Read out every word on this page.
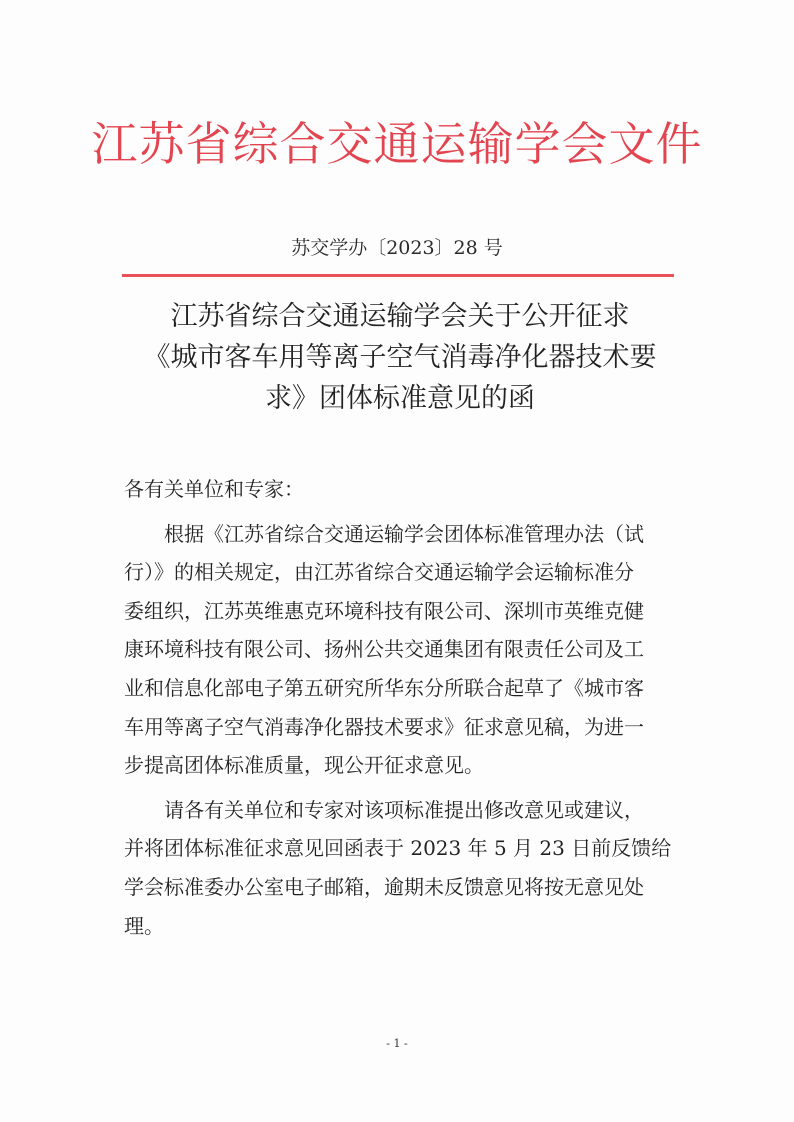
江苏省综合交通运输学会文件
苏交学办〔2023〕28 号
江苏省综合交通运输学会关于公开征求
《城市客车用等离子空气消毒净化器技术要
求》团体标准意见的函
各有关单位和专家：
根据《江苏省综合交通运输学会团体标准管理办法（试
行）》的相关规定，由江苏省综合交通运输学会运输标准分
委组织，江苏英维惠克环境科技有限公司、深圳市英维克健
康环境科技有限公司、扬州公共交通集团有限责任公司及工
业和信息化部电子第五研究所华东分所联合起草了《城市客
车用等离子空气消毒净化器技术要求》征求意见稿，为进一
步提高团体标准质量，现公开征求意见。
请各有关单位和专家对该项标准提出修改意见或建议，
并将团体标准征求意见回函表于 2023 年 5 月 23 日前反馈给
学会标准委办公室电子邮箱，逾期未反馈意见将按无意见处
理。
- 1 -
